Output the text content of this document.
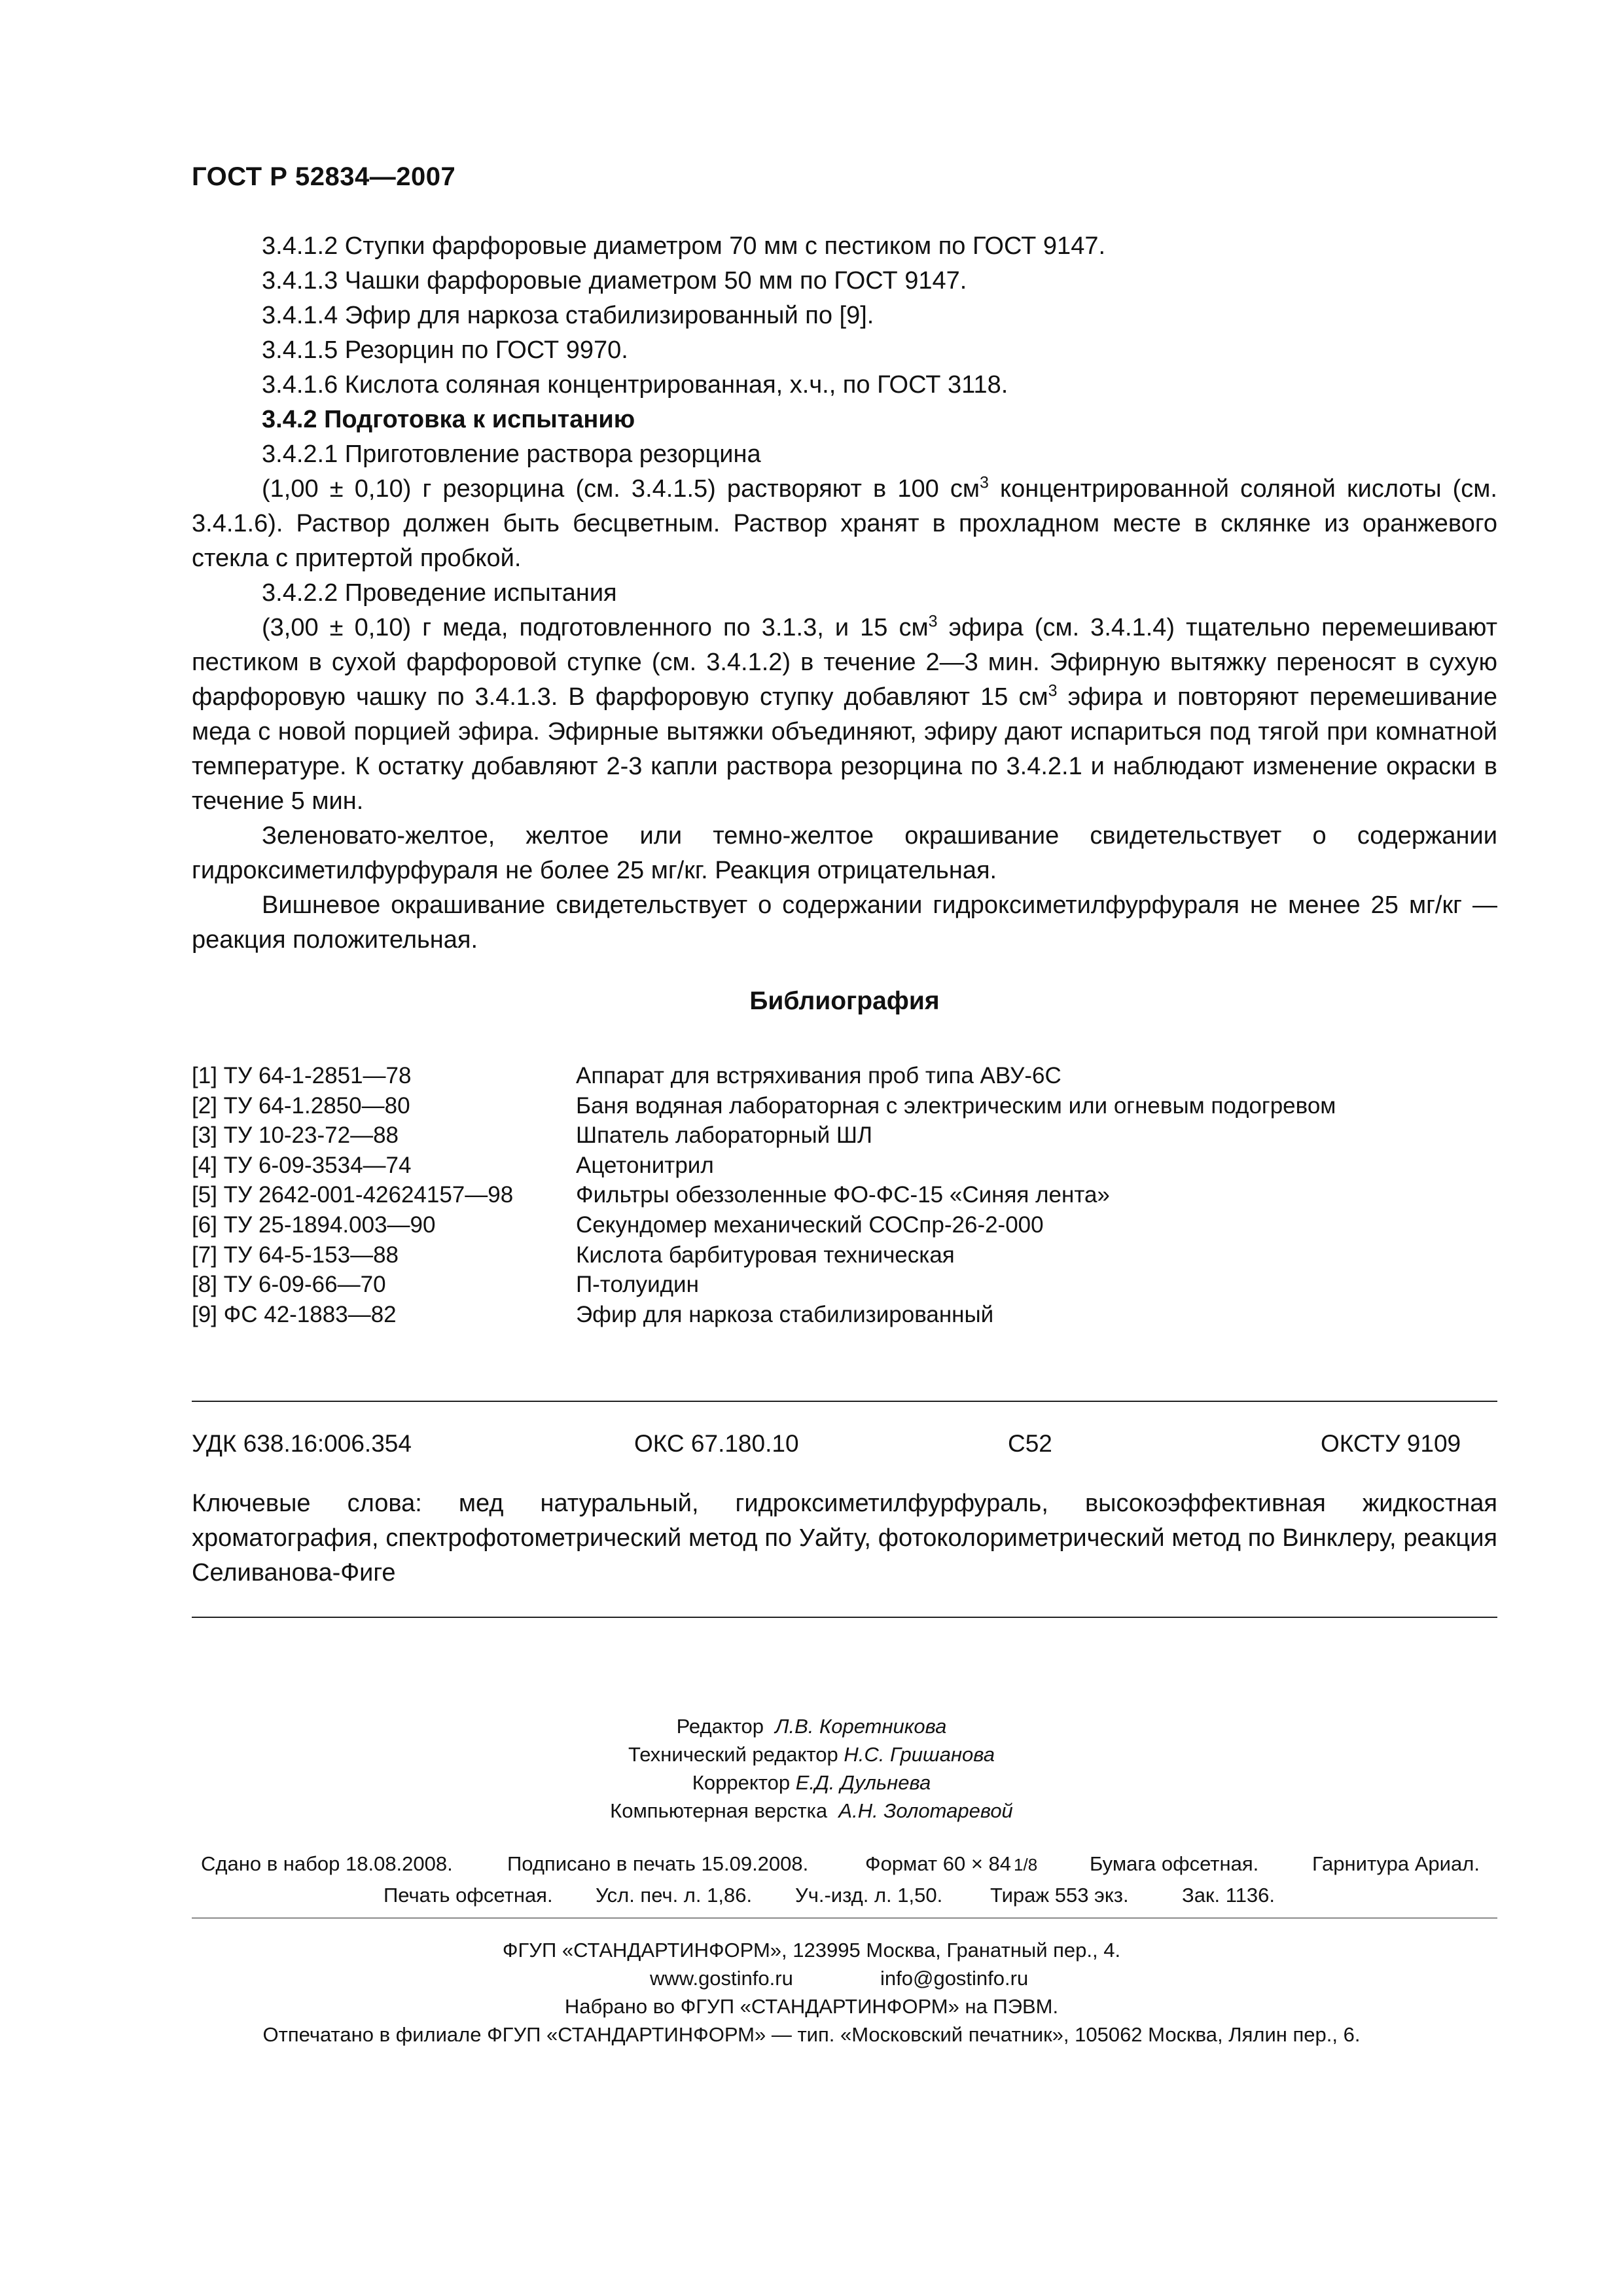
ГОСТ Р 52834—2007

3.4.1.2 Ступки фарфоровые диаметром 70 мм с пестиком по ГОСТ 9147.

3.4.1.3 Чашки фарфоровые диаметром 50 мм по ГОСТ 9147.

3.4.1.4 Эфир для наркоза стабилизированный по [9].

3.4.1.5 Резорцин по ГОСТ 9970.

3.4.1.6 Кислота соляная концентрированная, х.ч., по ГОСТ 3118.

3.4.2 Подготовка к испытанию

3.4.2.1 Приготовление раствора резорцина

(1,00 ± 0,10) г резорцина (см. 3.4.1.5) растворяют в 100 $см^3$ концентрированной соляной кислоты (см. 3.4.1.6). Раствор должен быть бесцветным. Раствор хранят в прохладном месте в склянке из оранжевого стекла с притертой пробкой.

3.4.2.2 Проведение испытания

(3,00 ± 0,10) г меда, подготовленного по 3.1.3, и 15 $см^3$ эфира (см. 3.4.1.4) тщательно перемешивают пестиком в сухой фарфоровой ступке (см. 3.4.1.2) в течение 2—3 мин. Эфирную вытяжку переносят в сухую фарфоровую чашку по 3.4.1.3. В фарфоровую ступку добавляют 15 $см^3$ эфира и повторяют перемешивание меда с новой порцией эфира. Эфирные вытяжки объединяют, эфиру дают испариться под тягой при комнатной температуре. К остатку добавляют 2-3 капли раствора резорцина по 3.4.2.1 и наблюдают изменение окраски в течение 5 мин.

Зеленовато-желтое, желтое или темно-желтое окрашивание свидетельствует о содержании гидроксиметилфурфураля не более 25 мг/кг. Реакция отрицательная.

Вишневое окрашивание свидетельствует о содержании гидроксиметилфурфураля не менее 25 мг/кг — реакция положительная.

Библиография
[1] ТУ 64-1-2851—78	Аппарат для встряхивания проб типа АВУ-6С
[2] ТУ 64-1.2850—80	Баня водяная лабораторная с электрическим или огневым подогревом
[3] ТУ 10-23-72—88	Шпатель лабораторный ШЛ
[4] ТУ 6-09-3534—74	Ацетонитрил
[5] ТУ 2642-001-42624157—98	Фильтры обеззоленные ФО-ФС-15 «Синяя лента»
[6] ТУ 25-1894.003—90	Секундомер механический СОСпр-26-2-000
[7] ТУ 64-5-153—88	Кислота барбитуровая техническая
[8] ТУ 6-09-66—70	П-толуидин
[9] ФС 42-1883—82	Эфир для наркоза стабилизированный
УДК 638.16:006.354	ОКС 67.180.10	С52	ОКСТУ 9109
Ключевые слова: мед натуральный, гидроксиметилфурфураль, высокоэффективная жидкостная хроматография, спектрофотометрический метод по Уайту, фотоколориметрический метод по Винклеру, реакция Селиванова-Фиге
Редактор Л.В. Коретникова
Технический редактор Н.С. Гришанова
Корректор Е.Д. Дульнева
Компьютерная верстка А.Н. Золотаревой
Сдано в набор 18.08.2008.	Подписано в печать 15.09.2008.	Формат 60 × 84 1/8	Бумага офсетная.	Гарнитура Ариал.
Печать офсетная. Усл. печ. л. 1,86. Уч.-изд. л. 1,50. Тираж 553 экз.	Зак. 1136.
ФГУП «СТАНДАРТИНФОРМ», 123995 Москва, Гранатный пер., 4.
www.gostinfo.ru	info@gostinfo.ru
Набрано во ФГУП «СТАНДАРТИНФОРМ» на ПЭВМ.
Отпечатано в филиале ФГУП «СТАНДАРТИНФОРМ» — тип. «Московский печатник», 105062 Москва, Лялин пер., 6.
